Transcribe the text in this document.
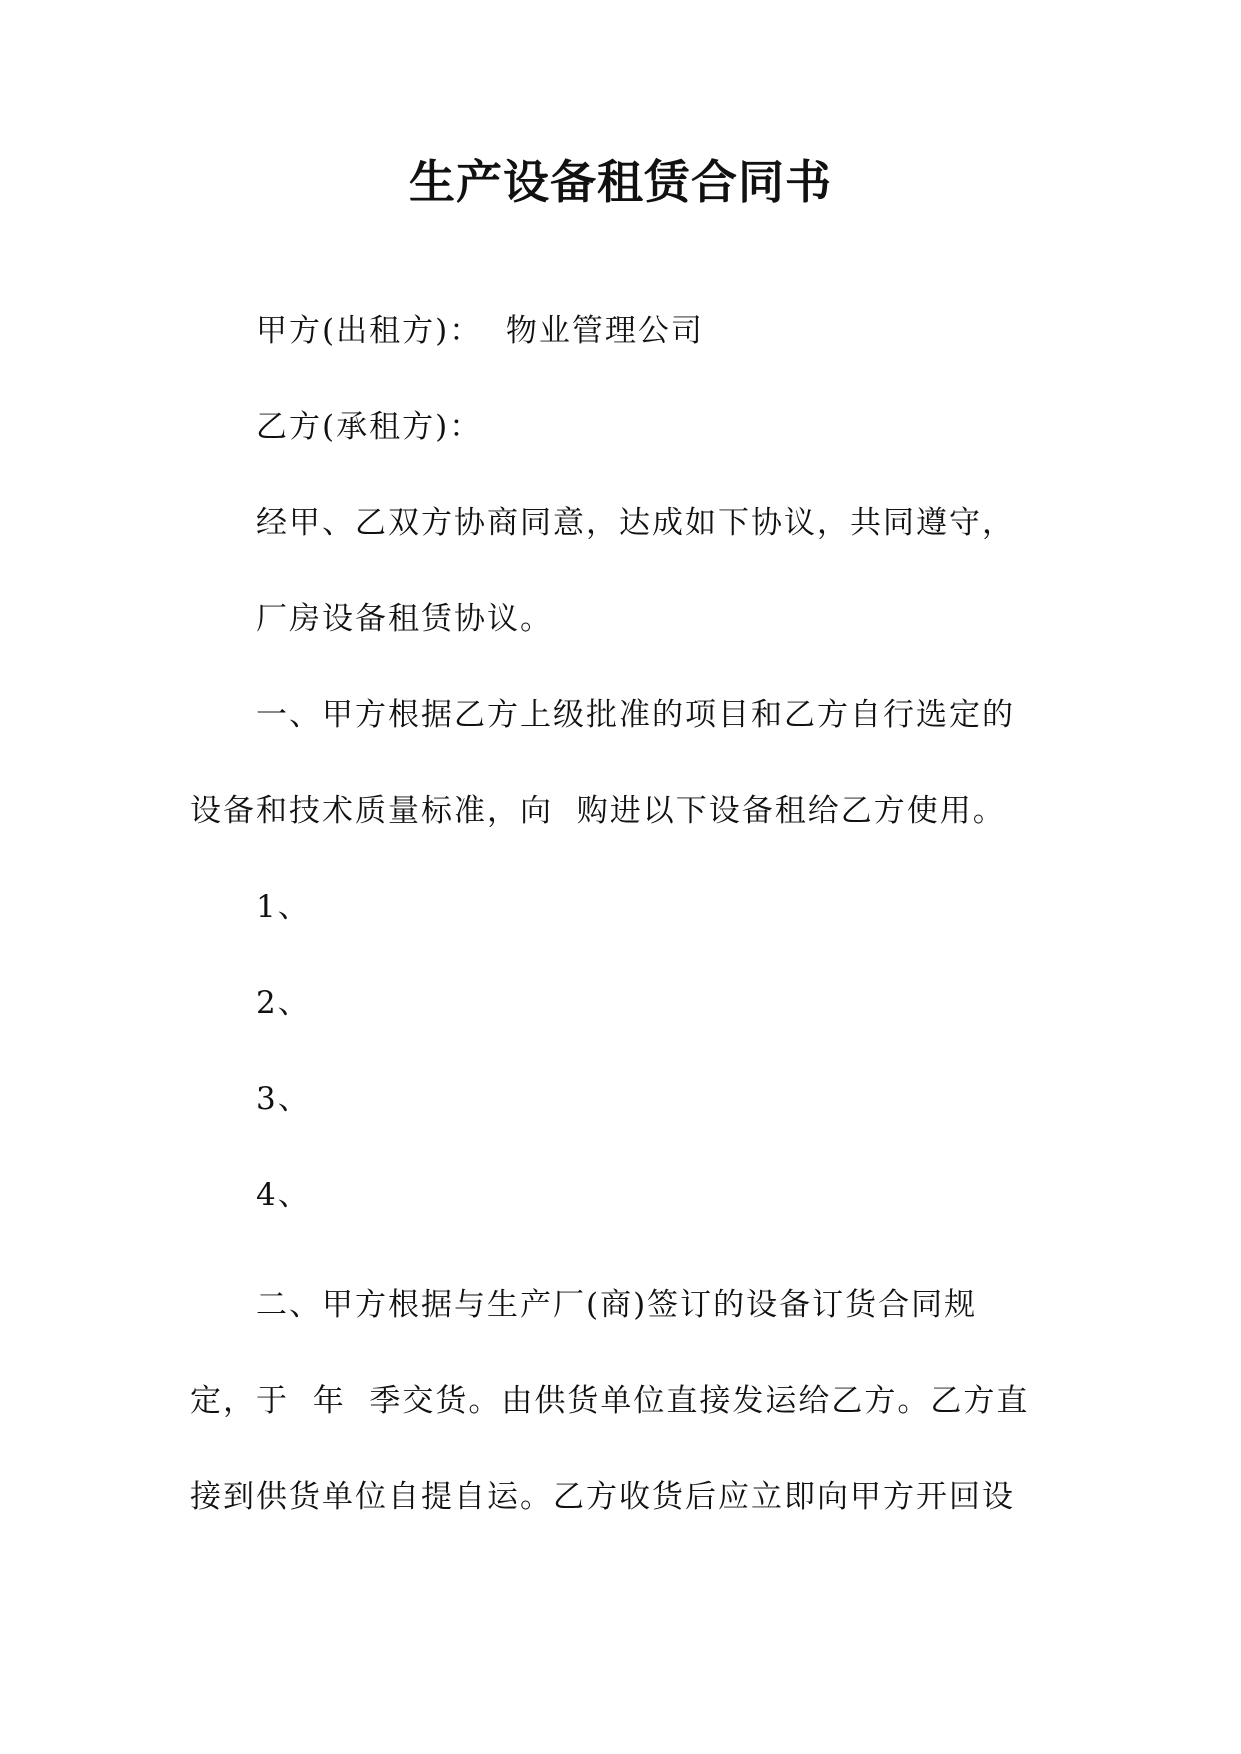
生产设备租赁合同书

甲方(出租方)：  物业管理公司

乙方(承租方)：

经甲、乙双方协商同意，达成如下协议，共同遵守，

厂房设备租赁协议。

一、甲方根据乙方上级批准的项目和乙方自行选定的

设备和技术质量标准，向  购进以下设备租给乙方使用。

1、

2、

3、

4、

二、甲方根据与生产厂(商)签订的设备订货合同规

定，于  年  季交货。由供货单位直接发运给乙方。乙方直

接到供货单位自提自运。乙方收货后应立即向甲方开回设
